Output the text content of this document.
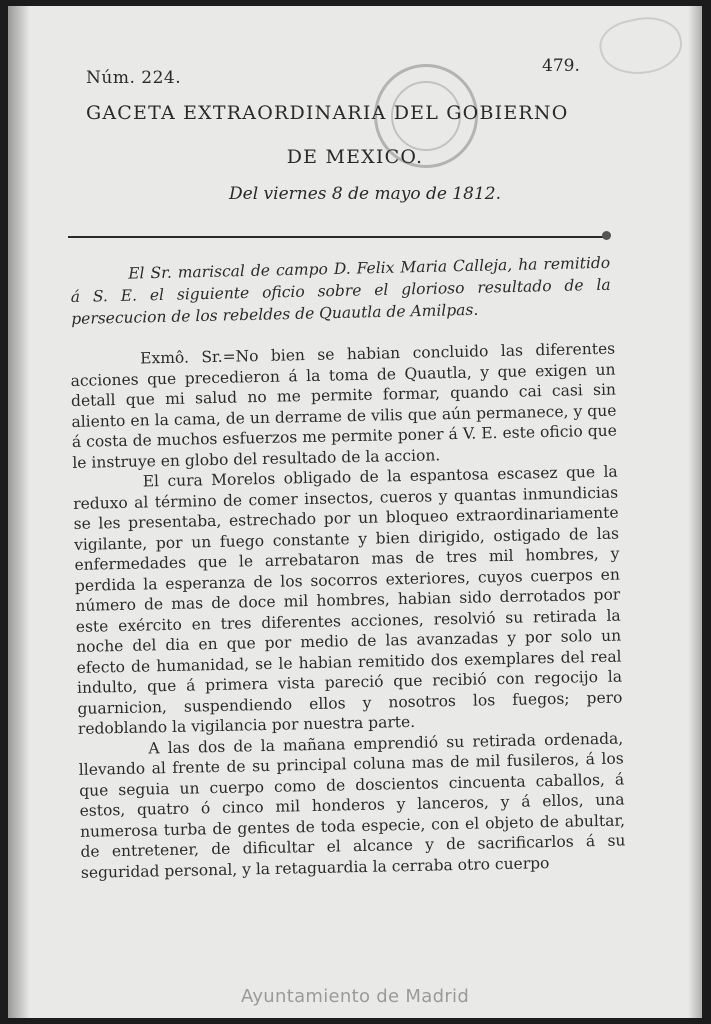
Núm. 224.
479.
GACETA EXTRAORDINARIA DEL GOBIERNO
DE MEXICO.
Del viernes 8 de mayo de 1812.
El Sr. mariscal de campo D. Felix Maria Calleja, ha remitido á S. E. el siguiente oficio sobre el glorioso resultado de la persecucion de los rebeldes de Quautla de Amilpas.

Exmô. Sr.=No bien se habian concluido las diferentes acciones que precedieron á la toma de Quautla, y que exigen un detall que mi salud no me permite formar, quando cai casi sin aliento en la cama, de un derrame de vilis que aún permanece, y que á costa de muchos esfuerzos me permite poner á V. E. este oficio que le instruye en globo del resultado de la accion.

El cura Morelos obligado de la espantosa escasez que la reduxo al término de comer insectos, cueros y quantas inmundicias se les presentaba, estrechado por un bloqueo extraordinariamente vigilante, por un fuego constante y bien dirigido, ostigado de las enfermedades que le arrebataron mas de tres mil hombres, y perdida la esperanza de los socorros exteriores, cuyos cuerpos en número de mas de doce mil hombres, habian sido derrotados por este exército en tres diferentes acciones, resolvió su retirada la noche del dia en que por medio de las avanzadas y por solo un efecto de humanidad, se le habian remitido dos exemplares del real indulto, que á primera vista pareció que recibió con regocijo la guarnicion, suspendiendo ellos y nosotros los fuegos; pero redoblando la vigilancia por nuestra parte.

A las dos de la mañana emprendió su retirada ordenada, llevando al frente de su principal coluna mas de mil fusileros, á los que seguia un cuerpo como de doscientos cincuenta caballos, á estos, quatro ó cinco mil honderos y lanceros, y á ellos, una numerosa turba de gentes de toda especie, con el objeto de abultar, de entretener, de dificultar el alcance y de sacrificarlos á su seguridad personal, y la retaguardia la cerraba otro cuerpo

Ayuntamiento de Madrid
